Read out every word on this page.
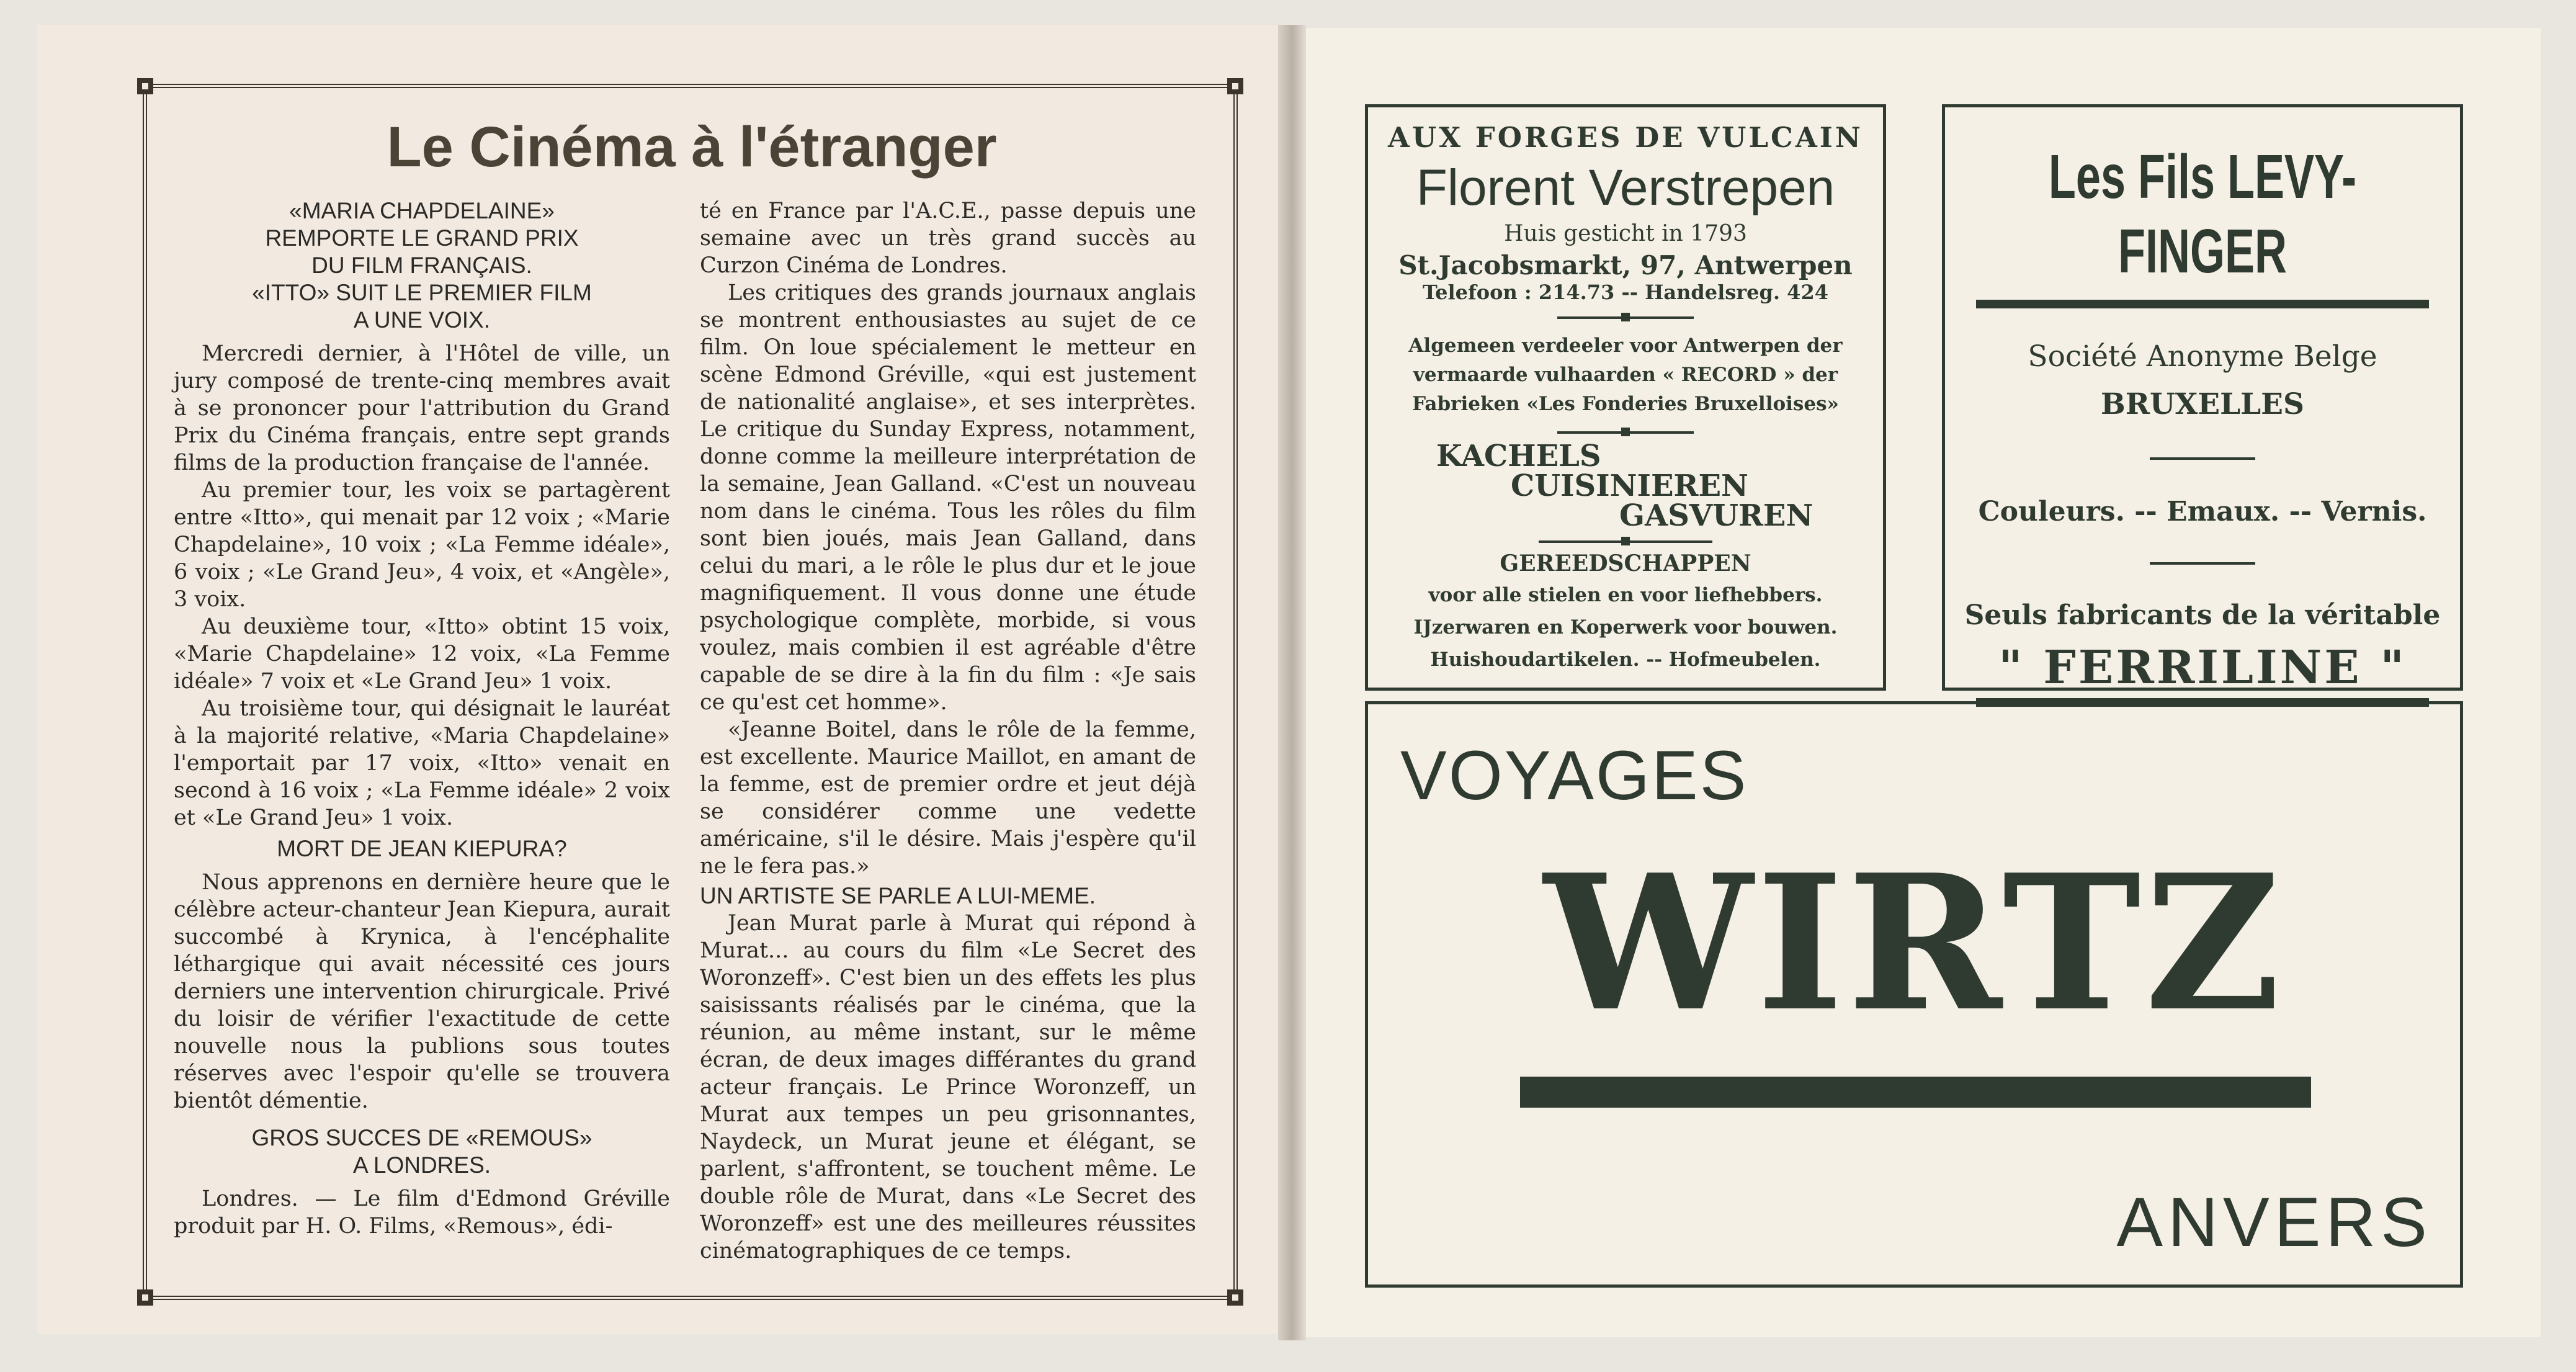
Le Cinéma à l'étranger
«MARIA CHAPDELAINE»
REMPORTE LE GRAND PRIX
DU FILM FRANÇAIS.
«ITTO» SUIT LE PREMIER FILM
A UNE VOIX.

Mercredi dernier, à l'Hôtel de ville, un jury composé de trente-cinq membres avait à se prononcer pour l'attribution du Grand Prix du Cinéma français, entre sept grands films de la production française de l'année.

Au premier tour, les voix se partagèrent entre «Itto», qui menait par 12 voix ; «Marie Chapdelaine», 10 voix ; «La Femme idéale», 6 voix ; «Le Grand Jeu», 4 voix, et «Angèle», 3 voix.

Au deuxième tour, «Itto» obtint 15 voix, «Marie Chapdelaine» 12 voix, «La Femme idéale» 7 voix et «Le Grand Jeu» 1 voix.

Au troisième tour, qui désignait le lauréat à la majorité relative, «Maria Chapdelaine» l'emportait par 17 voix, «Itto» venait en second à 16 voix ; «La Femme idéale» 2 voix et «Le Grand Jeu» 1 voix.

MORT DE JEAN KIEPURA?

Nous apprenons en dernière heure que le célèbre acteur-chanteur Jean Kiepura, aurait succombé à Krynica, à l'encéphalite léthargique qui avait nécessité ces jours derniers une intervention chirurgicale. Privé du loisir de vérifier l'exactitude de cette nouvelle nous la publions sous toutes réserves avec l'espoir qu'elle se trouvera bientôt démentie.

GROS SUCCES DE «REMOUS»
A LONDRES.

Londres. — Le film d'Edmond Gréville produit par H. O. Films, «Remous», édi-

té en France par l'A.C.E., passe depuis une semaine avec un très grand succès au Curzon Cinéma de Londres.

Les critiques des grands journaux anglais se montrent enthousiastes au sujet de ce film. On loue spécialement le metteur en scène Edmond Gréville, «qui est justement de nationalité anglaise», et ses interprètes. Le critique du Sunday Express, notamment, donne comme la meilleure interprétation de la semaine, Jean Galland. «C'est un nouveau nom dans le cinéma. Tous les rôles du film sont bien joués, mais Jean Galland, dans celui du mari, a le rôle le plus dur et le joue magnifiquement. Il vous donne une étude psychologique complète, morbide, si vous voulez, mais combien il est agréable d'être capable de se dire à la fin du film : «Je sais ce qu'est cet homme».

«Jeanne Boitel, dans le rôle de la femme, est excellente. Maurice Maillot, en amant de la femme, est de premier ordre et jeut déjà se considérer comme une vedette américaine, s'il le désire. Mais j'espère qu'il ne le fera pas.»

UN ARTISTE SE PARLE A LUI-MEME.

Jean Murat parle à Murat qui répond à Murat... au cours du film «Le Secret des Woronzeff». C'est bien un des effets les plus saisissants réalisés par le cinéma, que la réunion, au même instant, sur le même écran, de deux images différantes du grand acteur français. Le Prince Woronzeff, un Murat aux tempes un peu grisonnantes, Naydeck, un Murat jeune et élégant, se parlent, s'affrontent, se touchent même. Le double rôle de Murat, dans «Le Secret des Woronzeff» est une des meilleures réussites cinématographiques de ce temps.

AUX FORGES DE VULCAIN
Florent Verstrepen
Huis gesticht in 1793
St.Jacobsmarkt, 97, Antwerpen
Telefoon : 214.73 -- Handelsreg. 424
Algemeen verdeeler voor Antwerpen der
vermaarde vulhaarden « RECORD » der
Fabrieken «Les Fonderies Bruxelloises»
KACHELS
CUISINIEREN
GASVUREN
GEREEDSCHAPPEN
voor alle stielen en voor liefhebbers.
IJzerwaren en Koperwerk voor bouwen.
Huishoudartikelen. -- Hofmeubelen.
Les Fils LEVY-FINGER
Société Anonyme Belge
BRUXELLES
Couleurs. -- Emaux. -- Vernis.
Seuls fabricants de la véritable
" FERRILINE "
VOYAGES
WIRTZ
ANVERS
